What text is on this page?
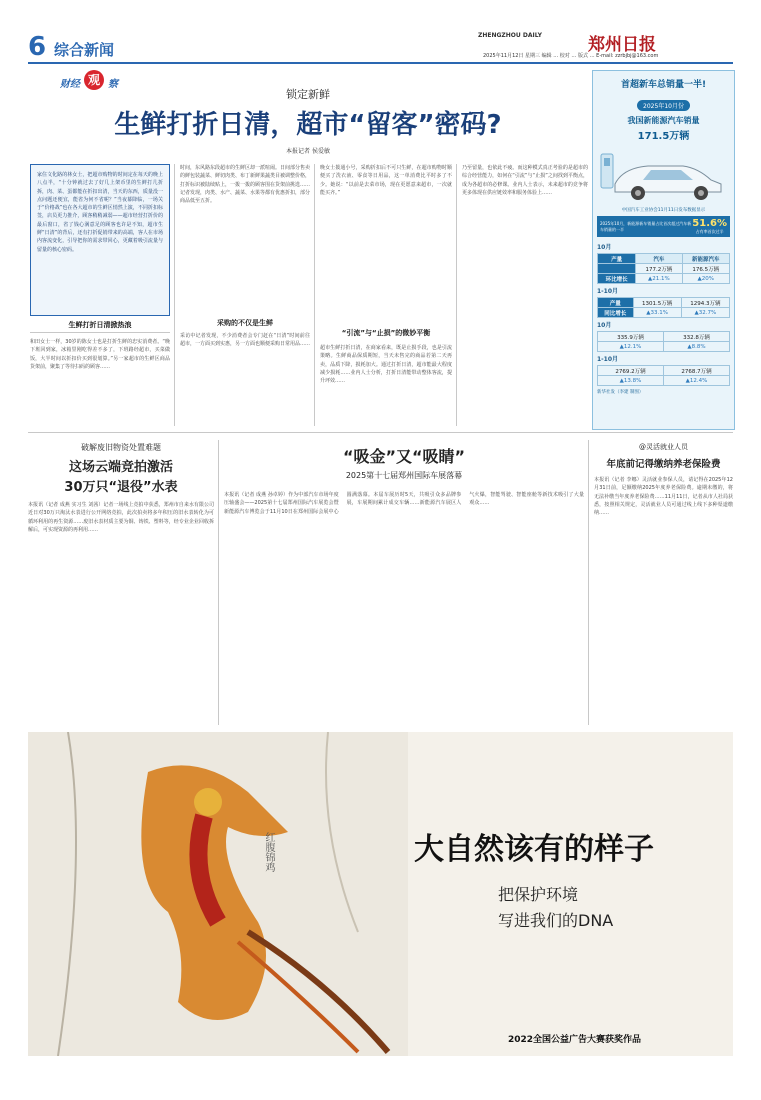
6 综合新闻
ZHENGZHOU DAILY	郑州日报
2025年11月12日 星期三 编辑 … 校对 … 版式 … E-mail: zzrbjbj@163.com
财经 观 察
锁定新鲜
生鲜打折日清，超市“留客”密码?
本报记者 侯爱敏
家住文化路的林女士，把超市购物的时间定在每天的晚上八点半，“十分钟就过去了好几上架币里的生鲜打几折拆，肉、菜、蛋都能在折扣出清，当天的东西，质量没一点问题还便宜，能省为何不省呢？”当夜幕降临，一场关于“价格战”也在各大超市的生鲜区悄然上演，不同折扣标签，店员更力推介，顾客稍稍减弱——超市经营打折价的最后窗口，省了钱心满意足的顾客也许是不知，超市生鲜“日清”的背后，还有打折促销带来的高端，客人在市场内客流变化，引导把你的需求带回心，更藏着吸引流量与留量的核心密码。
生鲜打折日清掀热浪
和田女士一样，30岁的陈女士也是打折生鲜的忠实消费者。“晚下班回到家，冰箱里刚吃得差不多了，下班路经超市，买菜做饭，大半时间以折扣价买到很划算。”另一家超市的生鲜区商品货架前，聚集了等待扫码的顾客……
时间，东风路东段超市的生鲜区却一派喧闹。日间部分售卖的鲜包装蔬菜、鲜切肉类、布丁新鲜果蔬类目被调整价格，打折标识被陆续贴上，一拨一拨的顾客围在货架前挑选……记者发现，肉类、水产、蔬菜、水果等都有优惠折扣，部分商品低至五折。
采购的不仅是生鲜
采访中记者发现，不少消费者会专门赶在“日清”时间前往超市，一方面买到实惠，另一方面也顺便采购日常用品……
晚女士拨通小号，采购折扣后不可只生鲜，在超市购物时顺便买了洗衣液、零食等日用品，这一单消费比平时多了不少。她说：“以前是去菜市场，现在更愿意来超市，一次就能买齐。”
“引流”与“止损”的微妙平衡
超市生鲜打折日清，在商家看来，既是止损手段，也是引流策略。生鲜商品保质期短，当天未售完的商品若第二天再卖，品质下降，损耗加大。通过打折日清，超市能最大程度减少损耗……业内人士分析，打折日清能带动整体客流，提升坪效……
乃至留量，也依此不疲。而这种模式真正考验的是超市的综合经营能力，如何在“引流”与“止损”之间找到平衡点，成为各超市的必修课。业内人士表示，未来超市的竞争将更多体现在供应链效率和服务体验上……
首超新车总销量一半!
2025年10月份
我国新能源汽车销量
171.5万辆
中国汽车工业协会11月11日发布数据显示
2025年10月，新能源新车销量占比首次超过汽车新车销量的一半	51.6%
占有率首次过半
10月
产量	汽车	新能源汽车
	177.2万辆	176.5万辆
环比增长	▲21.1%	▲20%
1-10月
产量	1301.5万辆	1294.3万辆
同比增长	▲33.1%	▲32.7%
10月
335.9万辆	332.8万辆
▲12.1%	▲8.8%
1-10月
2769.2万辆	2768.7万辆
▲13.8%	▲12.4%
新华社发（李建 制图）
破解废旧物资处置难题
这场云端竞拍激活
30万只“退役”水表
本报讯（记者 成燕 实习生 刘茜）记者一场线上竞拍中获悉，郑州市自来水有限公司近日对30万只淘汰水表进行公开网络竞拍，此次拍卖将多年积压的旧水表转化为可循环利用的再生资源……废旧水表材质主要为铜、铸铁、塑料等，经专业企业回收拆解后，可实现资源的再利用……
“吸金”又“吸睛”
2025第十七届郑州国际车展落幕
本报讯（记者 成燕 孙卓婷）作为中部汽车市场年度压轴盛会——2025第十七届郑州国际汽车展览会暨新能源汽车博览会于11月10日在郑州国际会展中心圆满落幕。本届车展历时5天，共吸引众多品牌参展，车展期间累计成交车辆……新能源汽车展区人气火爆，智能驾驶、智能座舱等新技术吸引了大量观众……
@灵活就业人员
年底前记得缴纳养老保险费
本报讯（记者 李娜）灵活就业参保人员，请记得在2025年12月31日前，足额缴纳2025年度养老保险费。逾期未缴的，将无法补缴当年度养老保险费……11月11日，记者从市人社局获悉，按照相关规定，灵活就业人员可通过线上线下多种渠道缴纳……
红腹锦鸡	大自然该有的样子
把保护环境
写进我们的DNA
2022全国公益广告大赛获奖作品
